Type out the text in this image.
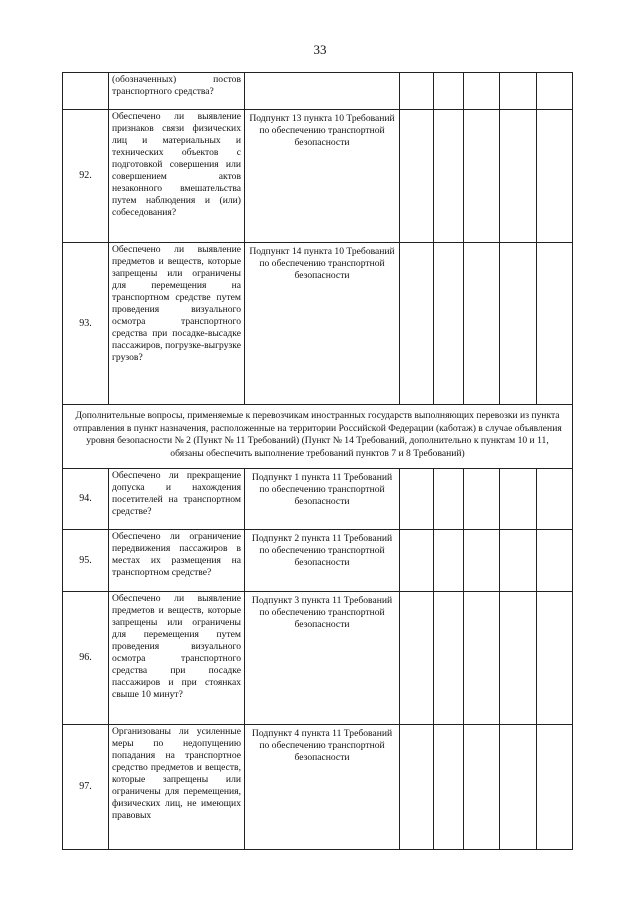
33
	(обозначенных) постов транспортного средства?						
92.	Обеспечено ли выявление признаков связи физических лиц и материальных и технических объектов с подготовкой совершения или совершением актов незаконного вмешательства путем наблюдения и (или) собеседования?	Подпункт 13 пункта 10 Требований по обеспечению транспортной безопасности					
93.	Обеспечено ли выявление предметов и веществ, которые запрещены или ограничены для перемещения на транспортном средстве путем проведения визуального осмотра транспортного средства при посадке-высадке пассажиров, погрузке-выгрузке грузов?	Подпункт 14 пункта 10 Требований по обеспечению транспортной безопасности					
Дополнительные вопросы, применяемые к перевозчикам иностранных государств выполняющих перевозки из пункта отправления в пункт назначения, расположенные на территории Российской Федерации (каботаж) в случае объявления уровня безопасности № 2 (Пункт № 11 Требований) (Пункт № 14 Требований, дополнительно к пунктам 10 и 11, обязаны обеспечить выполнение требований пунктов 7 и 8 Требований)							
94.	Обеспечено ли прекращение допуска и нахождения посетителей на транспортном средстве?	Подпункт 1 пункта 11 Требований по обеспечению транспортной безопасности					
95.	Обеспечено ли ограничение передвижения пассажиров в местах их размещения на транспортном средстве?	Подпункт 2 пункта 11 Требований по обеспечению транспортной безопасности					
96.	Обеспечено ли выявление предметов и веществ, которые запрещены или ограничены для перемещения путем проведения визуального осмотра транспортного средства при посадке пассажиров и при стоянках свыше 10 минут?	Подпункт 3 пункта 11 Требований по обеспечению транспортной безопасности					
97.	Организованы ли усиленные меры по недопущению попадания на транспортное средство предметов и веществ, которые запрещены или ограничены для перемещения, физических лиц, не имеющих правовых	Подпункт 4 пункта 11 Требований по обеспечению транспортной безопасности					
